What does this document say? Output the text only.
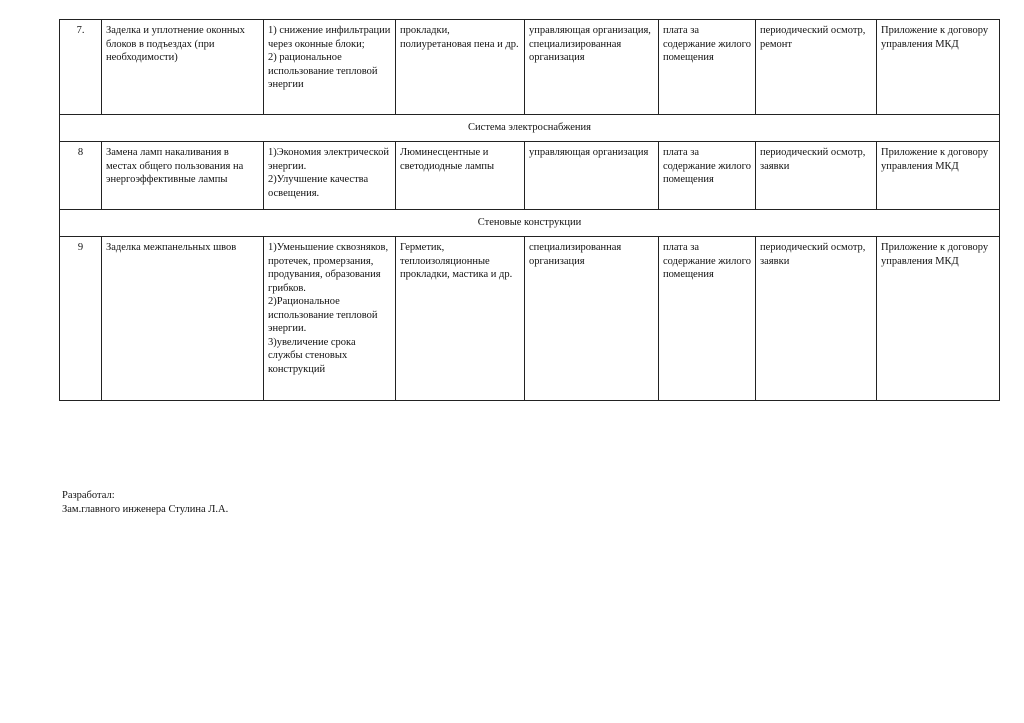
7.	Заделка и уплотнение оконных блоков в подъездах (при необходимости)	1) снижение инфильтрации через оконные блоки;
2) рациональное использование тепловой энергии	прокладки, полиуретановая пена и др.	управляющая организация, специализированная организация	плата за содержание жилого помещения	периодический осмотр, ремонт	Приложение к договору управления МКД
Система электроснабжения							
8	Замена ламп накаливания в местах общего пользования на энергоэффективные лампы	1)Экономия электрической энергии.
2)Улучшение качества освещения.	Люминесцентные и светодиодные лампы	управляющая организация	плата за содержание жилого помещения	периодический осмотр, заявки	Приложение к договору управления МКД
Стеновые конструкции							
9	Заделка межпанельных швов	1)Уменьшение сквозняков, протечек, промерзания, продувания, образования грибков.
2)Рациональное использование тепловой энергии.
3)увеличение срока службы стеновых конструкций	Герметик, теплоизоляционные прокладки, мастика и др.	специализированная организация	плата за содержание жилого помещения	периодический осмотр, заявки	Приложение к договору управления МКД
Разработал:
Зам.главного инженера Стулина Л.А.
